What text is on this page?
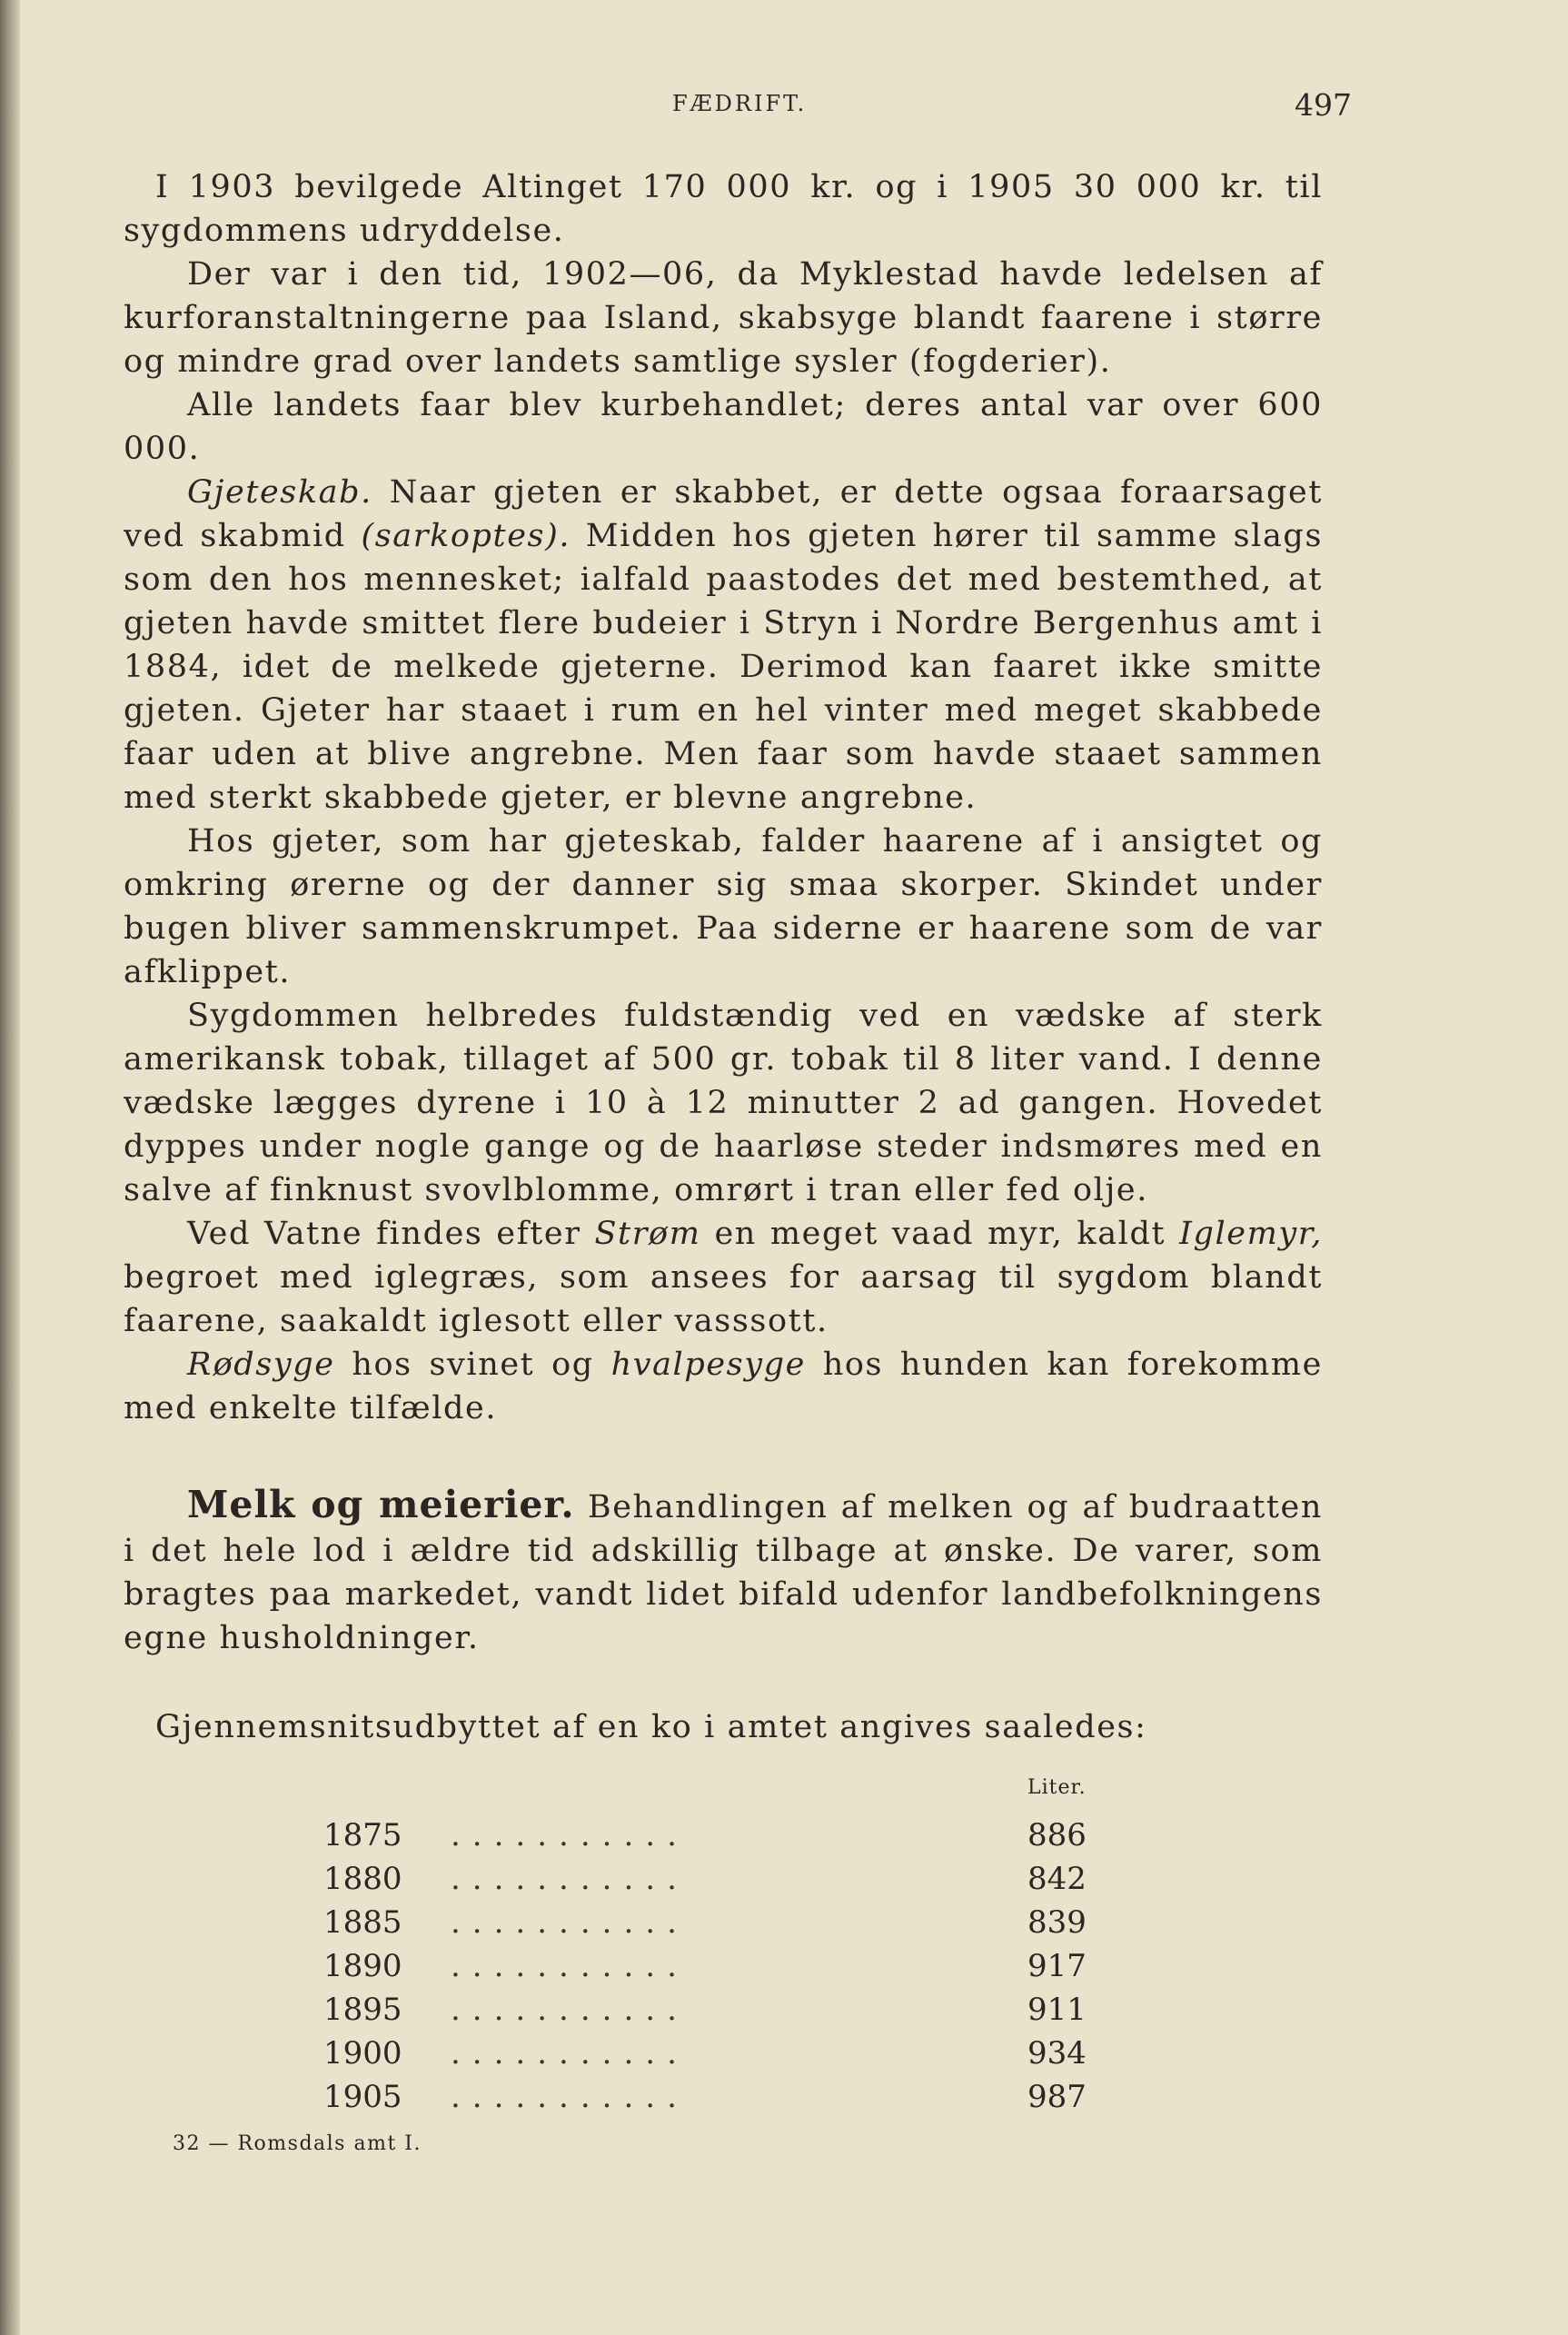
FÆDRIFT.	497

I 1903 bevilgede Altinget 170 000 kr. og i 1905 30 000 kr. til sygdommens udryddelse.

Der var i den tid, 1902—06, da Myklestad havde ledelsen af kurforanstaltningerne paa Island, skabsyge blandt faarene i større og mindre grad over landets samtlige sysler (fogderier).

Alle landets faar blev kurbehandlet; deres antal var over 600 000.

Gjeteskab. Naar gjeten er skabbet, er dette ogsaa foraarsaget ved skabmid (sarkoptes). Midden hos gjeten hører til samme slags som den hos mennesket; ialfald paastodes det med bestemthed, at gjeten havde smittet flere budeier i Stryn i Nordre Bergenhus amt i 1884, idet de melkede gjeterne. Derimod kan faaret ikke smitte gjeten. Gjeter har staaet i rum en hel vinter med meget skabbede faar uden at blive angrebne. Men faar som havde staaet sammen med sterkt skabbede gjeter, er blevne angrebne.

Hos gjeter, som har gjeteskab, falder haarene af i ansigtet og omkring ørerne og der danner sig smaa skorper. Skindet under bugen bliver sammenskrumpet. Paa siderne er haarene som de var afklippet.

Sygdommen helbredes fuldstændig ved en vædske af sterk amerikansk tobak, tillaget af 500 gr. tobak til 8 liter vand. I denne vædske lægges dyrene i 10 à 12 minutter 2 ad gangen. Hovedet dyppes under nogle gange og de haarløse steder indsmøres med en salve af finknust svovlblomme, omrørt i tran eller fed olje.

Ved Vatne findes efter Strøm en meget vaad myr, kaldt Iglemyr, begroet med iglegræs, som ansees for aarsag til sygdom blandt faarene, saakaldt iglesott eller vasssott.

Rødsyge hos svinet og hvalpesyge hos hunden kan forekomme med enkelte tilfælde.

Melk og meierier. Behandlingen af melken og af budraatten i det hele lod i ældre tid adskillig tilbage at ønske. De varer, som bragtes paa markedet, vandt lidet bifald udenfor landbefolkningens egne husholdninger.

Gjennemsnitsudbyttet af en ko i amtet angives saaledes:

Liter.
1875 ...........	886
1880 ...........	842
1885 ...........	839
1890 ...........	917
1895 ...........	911
1900 ...........	934
1905 ...........	987
32 — Romsdals amt I.
